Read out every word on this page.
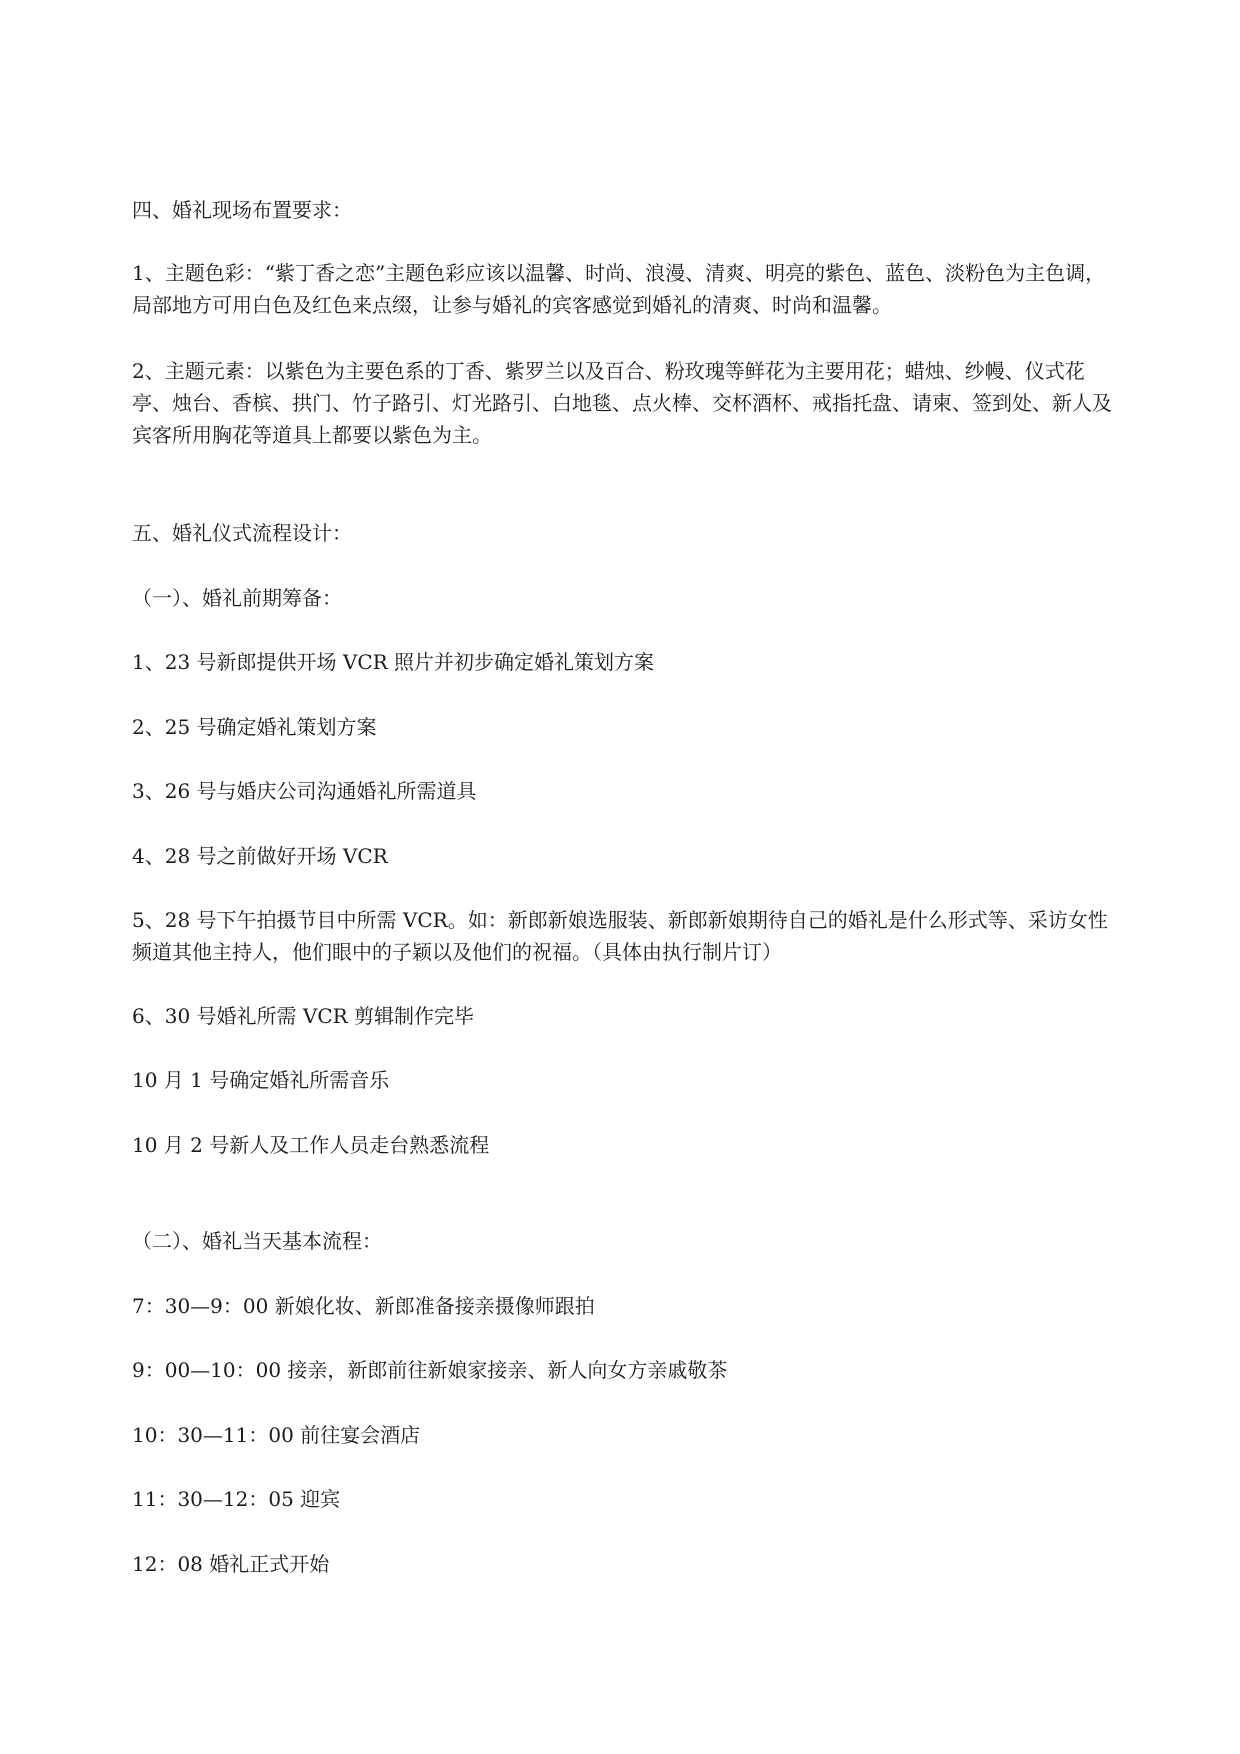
四、婚礼现场布置要求：

1、主题色彩：“紫丁香之恋”主题色彩应该以温馨、时尚、浪漫、清爽、明亮的紫色、蓝色、淡粉色为主色调，局部地方可用白色及红色来点缀，让参与婚礼的宾客感觉到婚礼的清爽、时尚和温馨。

2、主题元素：以紫色为主要色系的丁香、紫罗兰以及百合、粉玫瑰等鲜花为主要用花；蜡烛、纱幔、仪式花亭、烛台、香槟、拱门、竹子路引、灯光路引、白地毯、点火棒、交杯酒杯、戒指托盘、请柬、签到处、新人及宾客所用胸花等道具上都要以紫色为主。

五、婚礼仪式流程设计：

（一）、婚礼前期筹备：

1、23 号新郎提供开场 VCR 照片并初步确定婚礼策划方案

2、25 号确定婚礼策划方案

3、26 号与婚庆公司沟通婚礼所需道具

4、28 号之前做好开场 VCR

5、28 号下午拍摄节目中所需 VCR。如：新郎新娘选服装、新郎新娘期待自己的婚礼是什么形式等、采访女性频道其他主持人，他们眼中的子颖以及他们的祝福。（具体由执行制片订）

6、30 号婚礼所需 VCR 剪辑制作完毕

10 月 1 号确定婚礼所需音乐

10 月 2 号新人及工作人员走台熟悉流程

（二）、婚礼当天基本流程：

7：30—9：00 新娘化妆、新郎准备接亲摄像师跟拍

9：00—10：00 接亲，新郎前往新娘家接亲、新人向女方亲戚敬茶

10：30—11：00 前往宴会酒店

11：30—12：05 迎宾

12：08 婚礼正式开始
